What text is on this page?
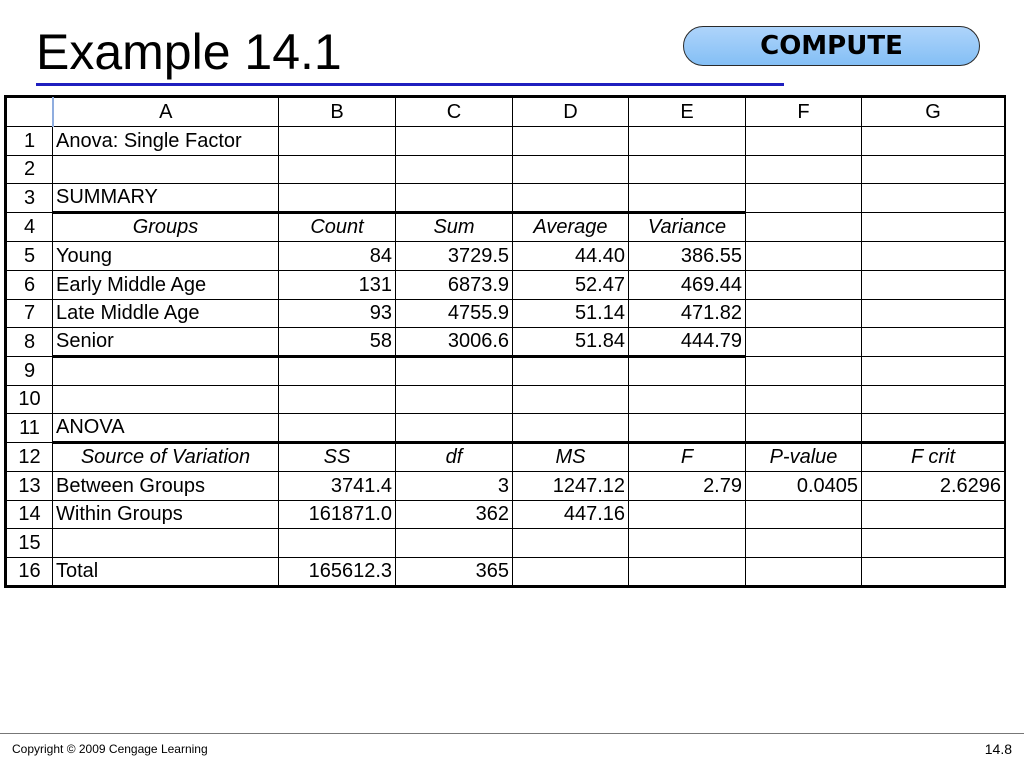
Example 14.1	COMPUTE
	A	B	C	D	E	F	G
1	Anova: Single Factor						
2							
3	SUMMARY						
4	Groups	Count	Sum	Average	Variance		
5	Young	84	3729.5	44.40	386.55		
6	Early Middle Age	131	6873.9	52.47	469.44		
7	Late Middle Age	93	4755.9	51.14	471.82		
8	Senior	58	3006.6	51.84	444.79		
9							
10							
11	ANOVA						
12	Source of Variation	SS	df	MS	F	P-value	F crit
13	Between Groups	3741.4	3	1247.12	2.79	0.0405	2.6296
14	Within Groups	161871.0	362	447.16			
15							
16	Total	165612.3	365				
Copyright © 2009 Cengage Learning	14.8
